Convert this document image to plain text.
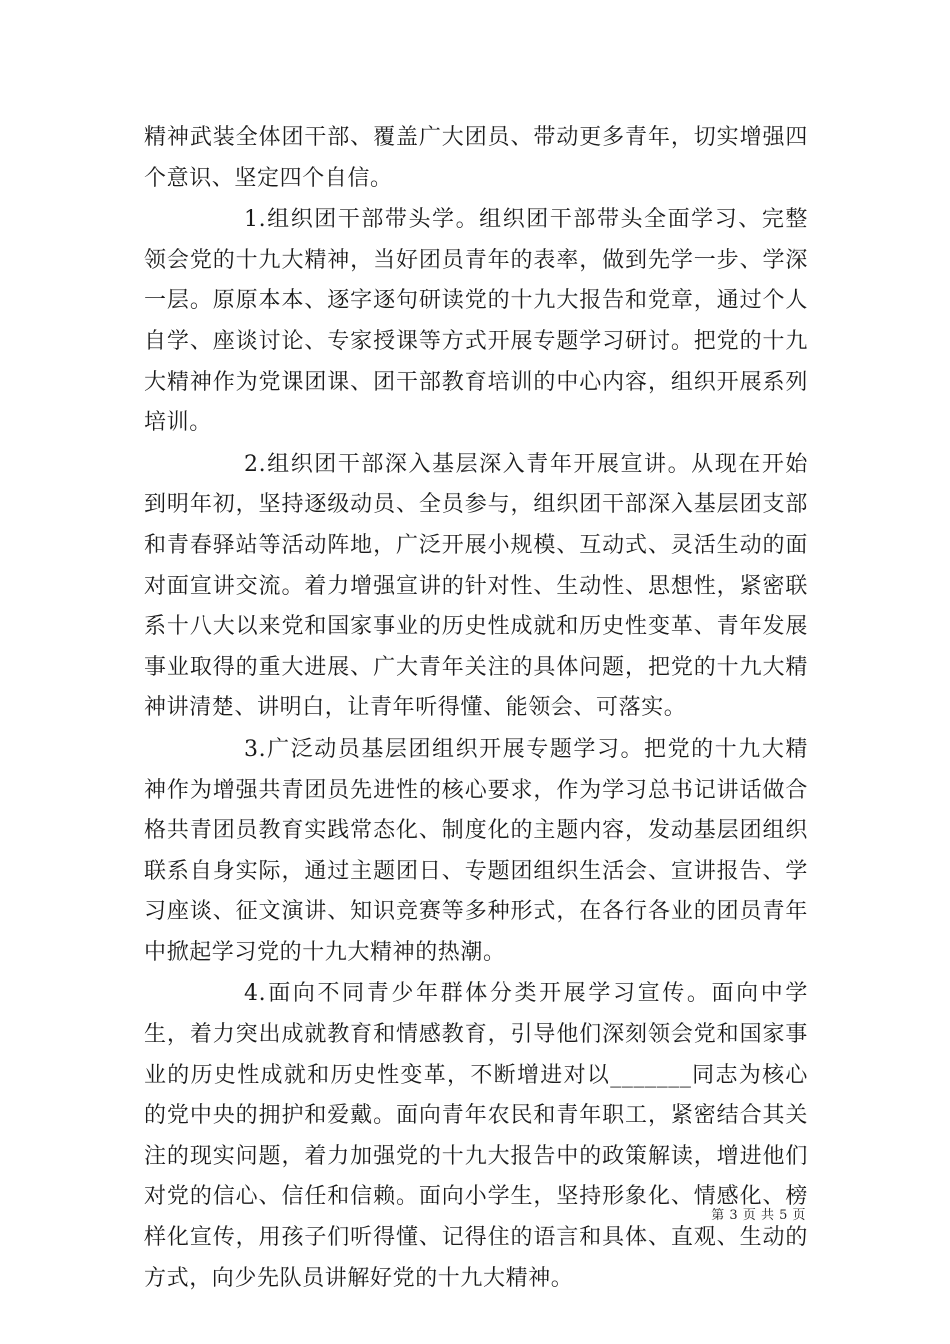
精神武装全体团干部、覆盖广大团员、带动更多青年，切实增强四个意识、坚定四个自信。

1.组织团干部带头学。组织团干部带头全面学习、完整领会党的十九大精神，当好团员青年的表率，做到先学一步、学深一层。原原本本、逐字逐句研读党的十九大报告和党章，通过个人自学、座谈讨论、专家授课等方式开展专题学习研讨。把党的十九大精神作为党课团课、团干部教育培训的中心内容，组织开展系列培训。

2.组织团干部深入基层深入青年开展宣讲。从现在开始到明年初，坚持逐级动员、全员参与，组织团干部深入基层团支部和青春驿站等活动阵地，广泛开展小规模、互动式、灵活生动的面对面宣讲交流。着力增强宣讲的针对性、生动性、思想性，紧密联系十八大以来党和国家事业的历史性成就和历史性变革、青年发展事业取得的重大进展、广大青年关注的具体问题，把党的十九大精神讲清楚、讲明白，让青年听得懂、能领会、可落实。

3.广泛动员基层团组织开展专题学习。把党的十九大精神作为增强共青团员先进性的核心要求，作为学习总书记讲话做合格共青团员教育实践常态化、制度化的主题内容，发动基层团组织联系自身实际，通过主题团日、专题团组织生活会、宣讲报告、学习座谈、征文演讲、知识竞赛等多种形式，在各行各业的团员青年中掀起学习党的十九大精神的热潮。

4.面向不同青少年群体分类开展学习宣传。面向中学生，着力突出成就教育和情感教育，引导他们深刻领会党和国家事业的历史性成就和历史性变革，不断增进对以_______同志为核心的党中央的拥护和爱戴。面向青年农民和青年职工，紧密结合其关注的现实问题，着力加强党的十九大报告中的政策解读，增进他们对党的信心、信任和信赖。面向小学生，坚持形象化、情感化、榜样化宣传，用孩子们听得懂、记得住的语言和具体、直观、生动的方式，向少先队员讲解好党的十九大精神。

第 3 页 共 5 页
